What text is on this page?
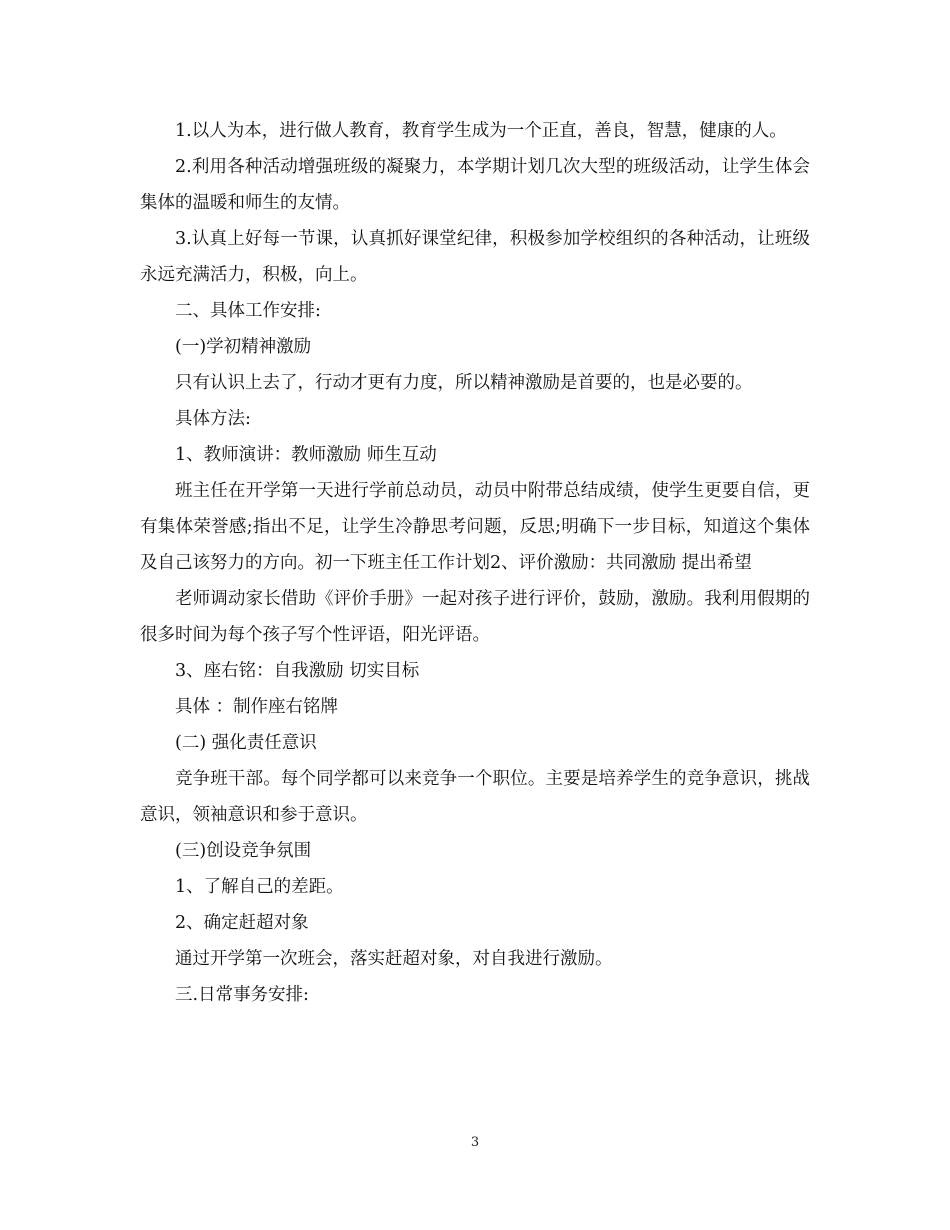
1.以人为本，进行做人教育，教育学生成为一个正直，善良，智慧，健康的人。

2.利用各种活动增强班级的凝聚力，本学期计划几次大型的班级活动，让学生体会集体的温暖和师生的友情。

3.认真上好每一节课，认真抓好课堂纪律，积极参加学校组织的各种活动，让班级永远充满活力，积极，向上。

二、具体工作安排:

(一)学初精神激励

只有认识上去了，行动才更有力度，所以精神激励是首要的，也是必要的。

具体方法:

1、教师演讲：教师激励 师生互动

班主任在开学第一天进行学前总动员，动员中附带总结成绩，使学生更要自信，更有集体荣誉感;指出不足，让学生冷静思考问题，反思;明确下一步目标，知道这个集体及自己该努力的方向。初一下班主任工作计划2、评价激励：共同激励 提出希望

老师调动家长借助《评价手册》一起对孩子进行评价，鼓励，激励。我利用假期的很多时间为每个孩子写个性评语，阳光评语。

3、座右铭：自我激励 切实目标

具体 ：制作座右铭牌

(二) 强化责任意识

竞争班干部。每个同学都可以来竞争一个职位。主要是培养学生的竞争意识，挑战意识，领袖意识和参于意识。

(三)创设竞争氛围

1、了解自己的差距。

2、确定赶超对象

通过开学第一次班会，落实赶超对象，对自我进行激励。

三.日常事务安排:

3
